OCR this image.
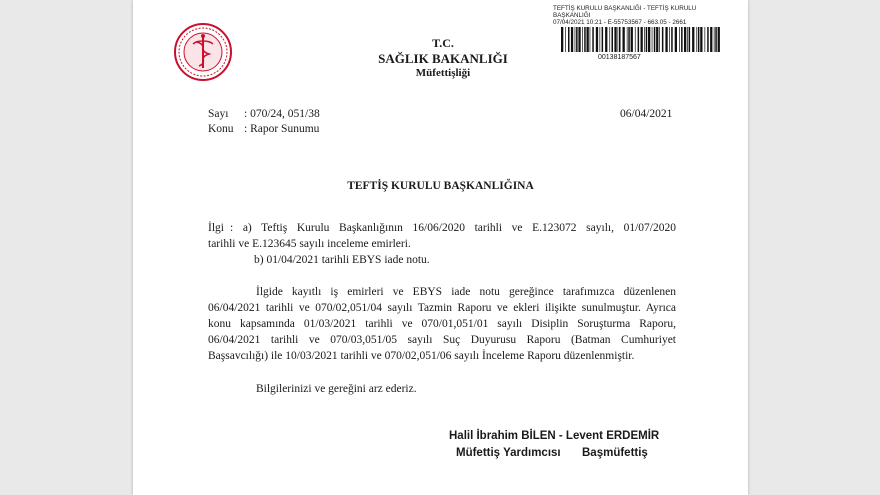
T.C.
SAĞLIK BAKANLIĞI
Müfettişliği
TEFTİŞ KURULU BAŞKANLIĞI - TEFTİŞ KURULU
BAŞKANLIĞI
07/04/2021 10:21 - E-55753567 - 663.05 - 2661
00138187567
Sayı : 070/24, 051/38
Konu : Rapor Sunumu
06/04/2021
TEFTİŞ KURULU BAŞKANLIĞINA
İlgi : a) Teftiş Kurulu Başkanlığının 16/06/2020 tarihli ve E.123072 sayılı, 01/07/2020
tarihli ve E.123645 sayılı inceleme emirleri.
b) 01/04/2021 tarihli EBYS iade notu.
İlgide kayıtlı iş emirleri ve EBYS iade notu gereğince tarafımızca düzenlenen
06/04/2021 tarihli ve 070/02,051/04 sayılı Tazmin Raporu ve ekleri ilişikte sunulmuştur. Ayrıca
konu kapsamında 01/03/2021 tarihli ve 070/01,051/01 sayılı Disiplin Soruşturma Raporu,
06/04/2021 tarihli ve 070/03,051/05 sayılı Suç Duyurusu Raporu (Batman Cumhuriyet
Başsavcılığı) ile 10/03/2021 tarihli ve 070/02,051/06 sayılı İnceleme Raporu düzenlenmiştir.
Bilgilerinizi ve gereğini arz ederiz.
Halil İbrahim BİLEN - Levent ERDEMİR
Müfettiş Yardımcısı Başmüfettiş
